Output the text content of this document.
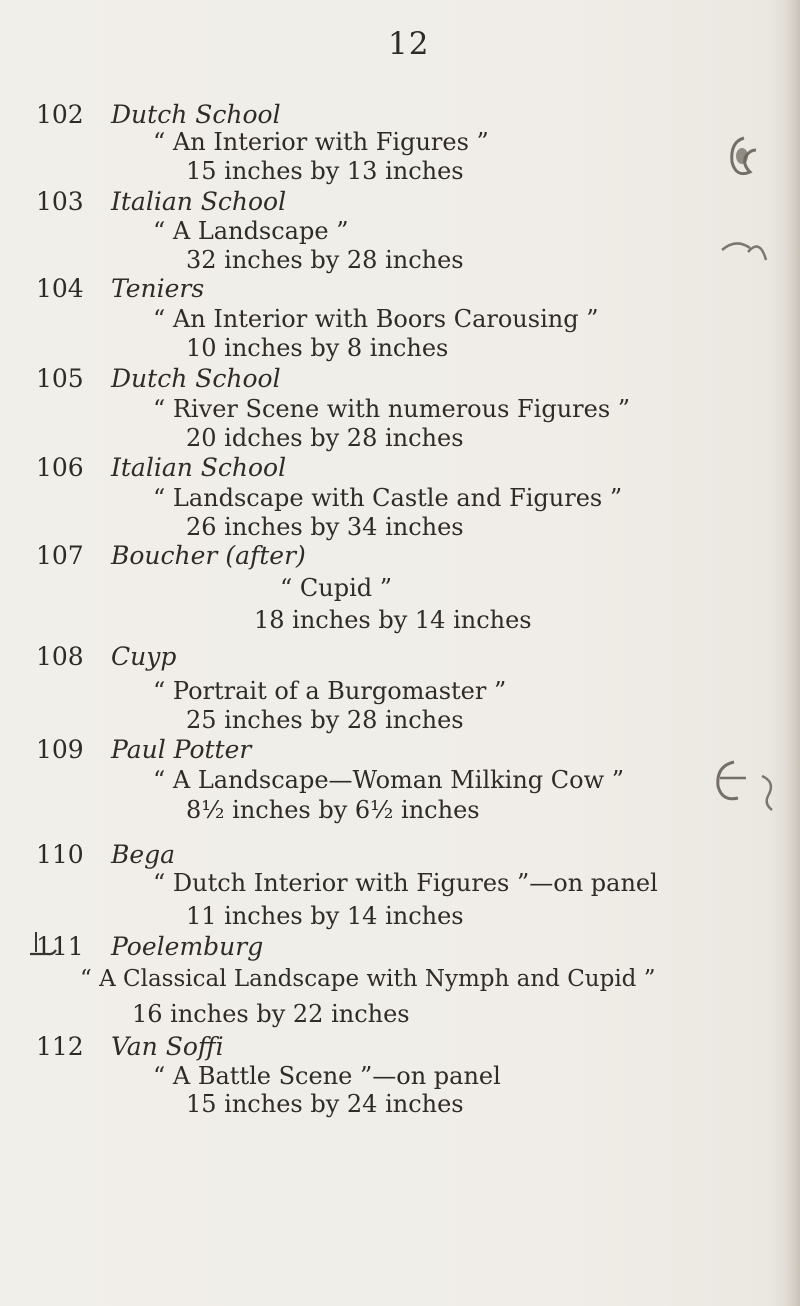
12
102 Dutch School
“ An Interior with Figures ”
15 inches by 13 inches
103 Italian School
“ A Landscape ”
32 inches by 28 inches
104 Teniers
“ An Interior with Boors Carousing ”
10 inches by 8 inches
105 Dutch School
“ River Scene with numerous Figures ”
20 idches by 28 inches
106 Italian School
“ Landscape with Castle and Figures ”
26 inches by 34 inches
107 Boucher (after)
“ Cupid ”
18 inches by 14 inches
108 Cuyp
“ Portrait of a Burgomaster ”
25 inches by 28 inches
109 Paul Potter
“ A Landscape—Woman Milking Cow ”
8½ inches by 6½ inches
110 Bega
“ Dutch Interior with Figures ”—on panel
11 inches by 14 inches
111 Poelemburg
“ A Classical Landscape with Nymph and Cupid ”
16 inches by 22 inches
112 Van Soffi
“ A Battle Scene ”—on panel
15 inches by 24 inches
